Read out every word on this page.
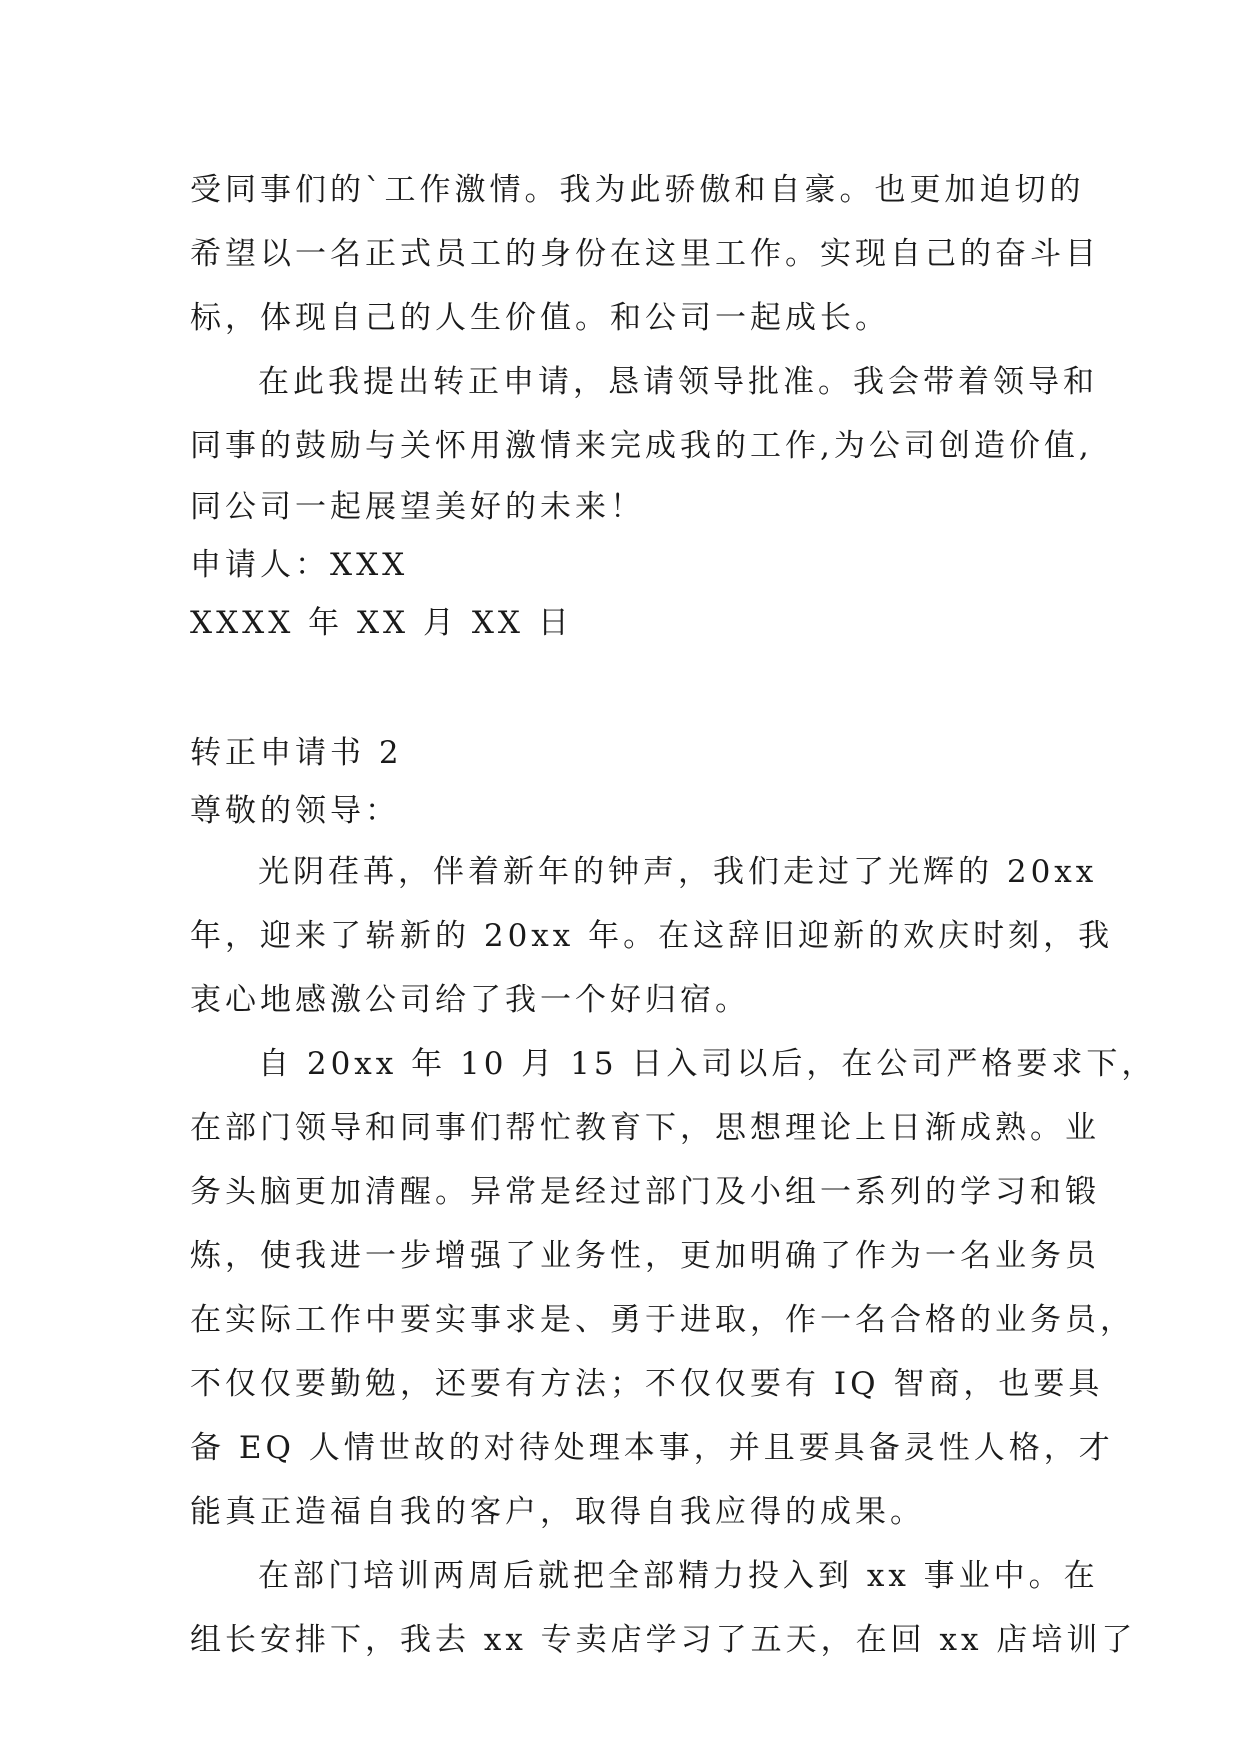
受同事们的`工作激情。我为此骄傲和自豪。也更加迫切的
希望以一名正式员工的身份在这里工作。实现自己的奋斗目
标，体现自己的人生价值。和公司一起成长。
在此我提出转正申请，恳请领导批准。我会带着领导和
同事的鼓励与关怀用激情来完成我的工作,为公司创造价值,
同公司一起展望美好的未来！
申请人：XXX
XXXX 年 XX 月 XX 日
转正申请书 2
尊敬的领导：
光阴荏苒，伴着新年的钟声，我们走过了光辉的 20xx
年，迎来了崭新的 20xx 年。在这辞旧迎新的欢庆时刻，我
衷心地感激公司给了我一个好归宿。
自 20xx 年 10 月 15 日入司以后，在公司严格要求下，
在部门领导和同事们帮忙教育下，思想理论上日渐成熟。业
务头脑更加清醒。异常是经过部门及小组一系列的学习和锻
炼，使我进一步增强了业务性，更加明确了作为一名业务员
在实际工作中要实事求是、勇于进取，作一名合格的业务员，
不仅仅要勤勉，还要有方法；不仅仅要有 IQ 智商，也要具
备 EQ 人情世故的对待处理本事，并且要具备灵性人格，才
能真正造福自我的客户，取得自我应得的成果。
在部门培训两周后就把全部精力投入到 xx 事业中。在
组长安排下，我去 xx 专卖店学习了五天，在回 xx 店培训了
